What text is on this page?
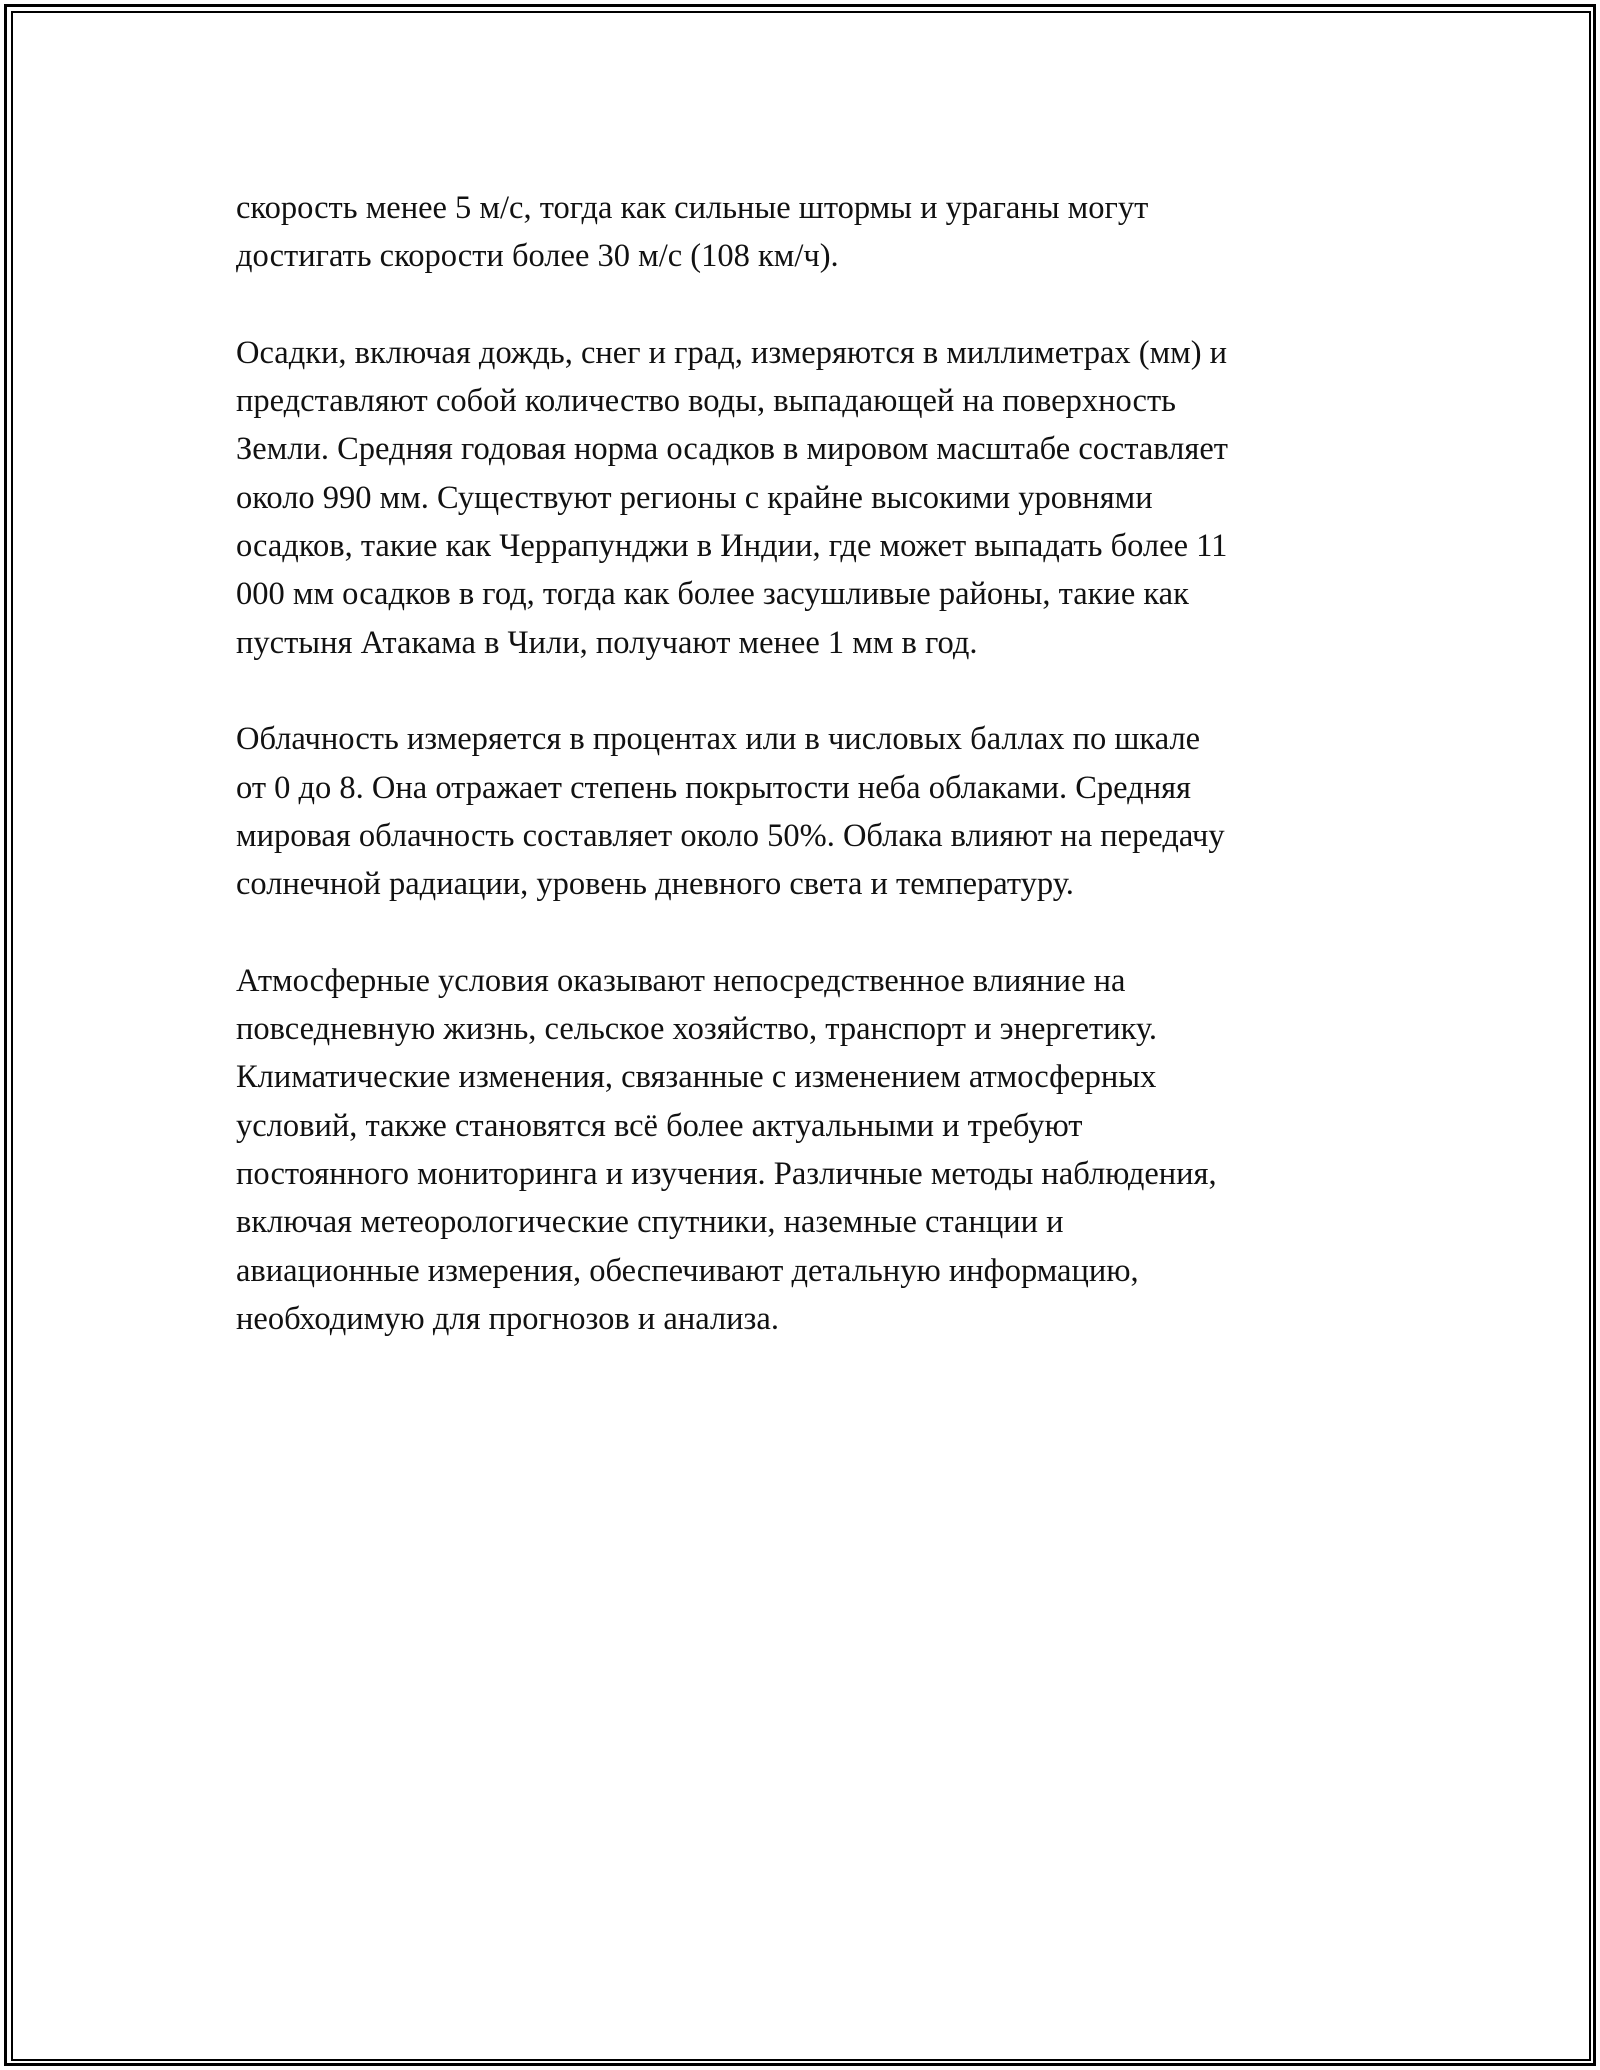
скорость менее 5 м/с, тогда как сильные штормы и ураганы могут
достигать скорости более 30 м/с (108 км/ч).

Осадки, включая дождь, снег и град, измеряются в миллиметрах (мм) и
представляют собой количество воды, выпадающей на поверхность
Земли. Средняя годовая норма осадков в мировом масштабе составляет
около 990 мм. Существуют регионы с крайне высокими уровнями
осадков, такие как Черрапунджи в Индии, где может выпадать более 11
000 мм осадков в год, тогда как более засушливые районы, такие как
пустыня Атакама в Чили, получают менее 1 мм в год.

Облачность измеряется в процентах или в числовых баллах по шкале
от 0 до 8. Она отражает степень покрытости неба облаками. Средняя
мировая облачность составляет около 50%. Облака влияют на передачу
солнечной радиации, уровень дневного света и температуру.

Атмосферные условия оказывают непосредственное влияние на
повседневную жизнь, сельское хозяйство, транспорт и энергетику.
Климатические изменения, связанные с изменением атмосферных
условий, также становятся всё более актуальными и требуют
постоянного мониторинга и изучения. Различные методы наблюдения,
включая метеорологические спутники, наземные станции и
авиационные измерения, обеспечивают детальную информацию,
необходимую для прогнозов и анализа.
